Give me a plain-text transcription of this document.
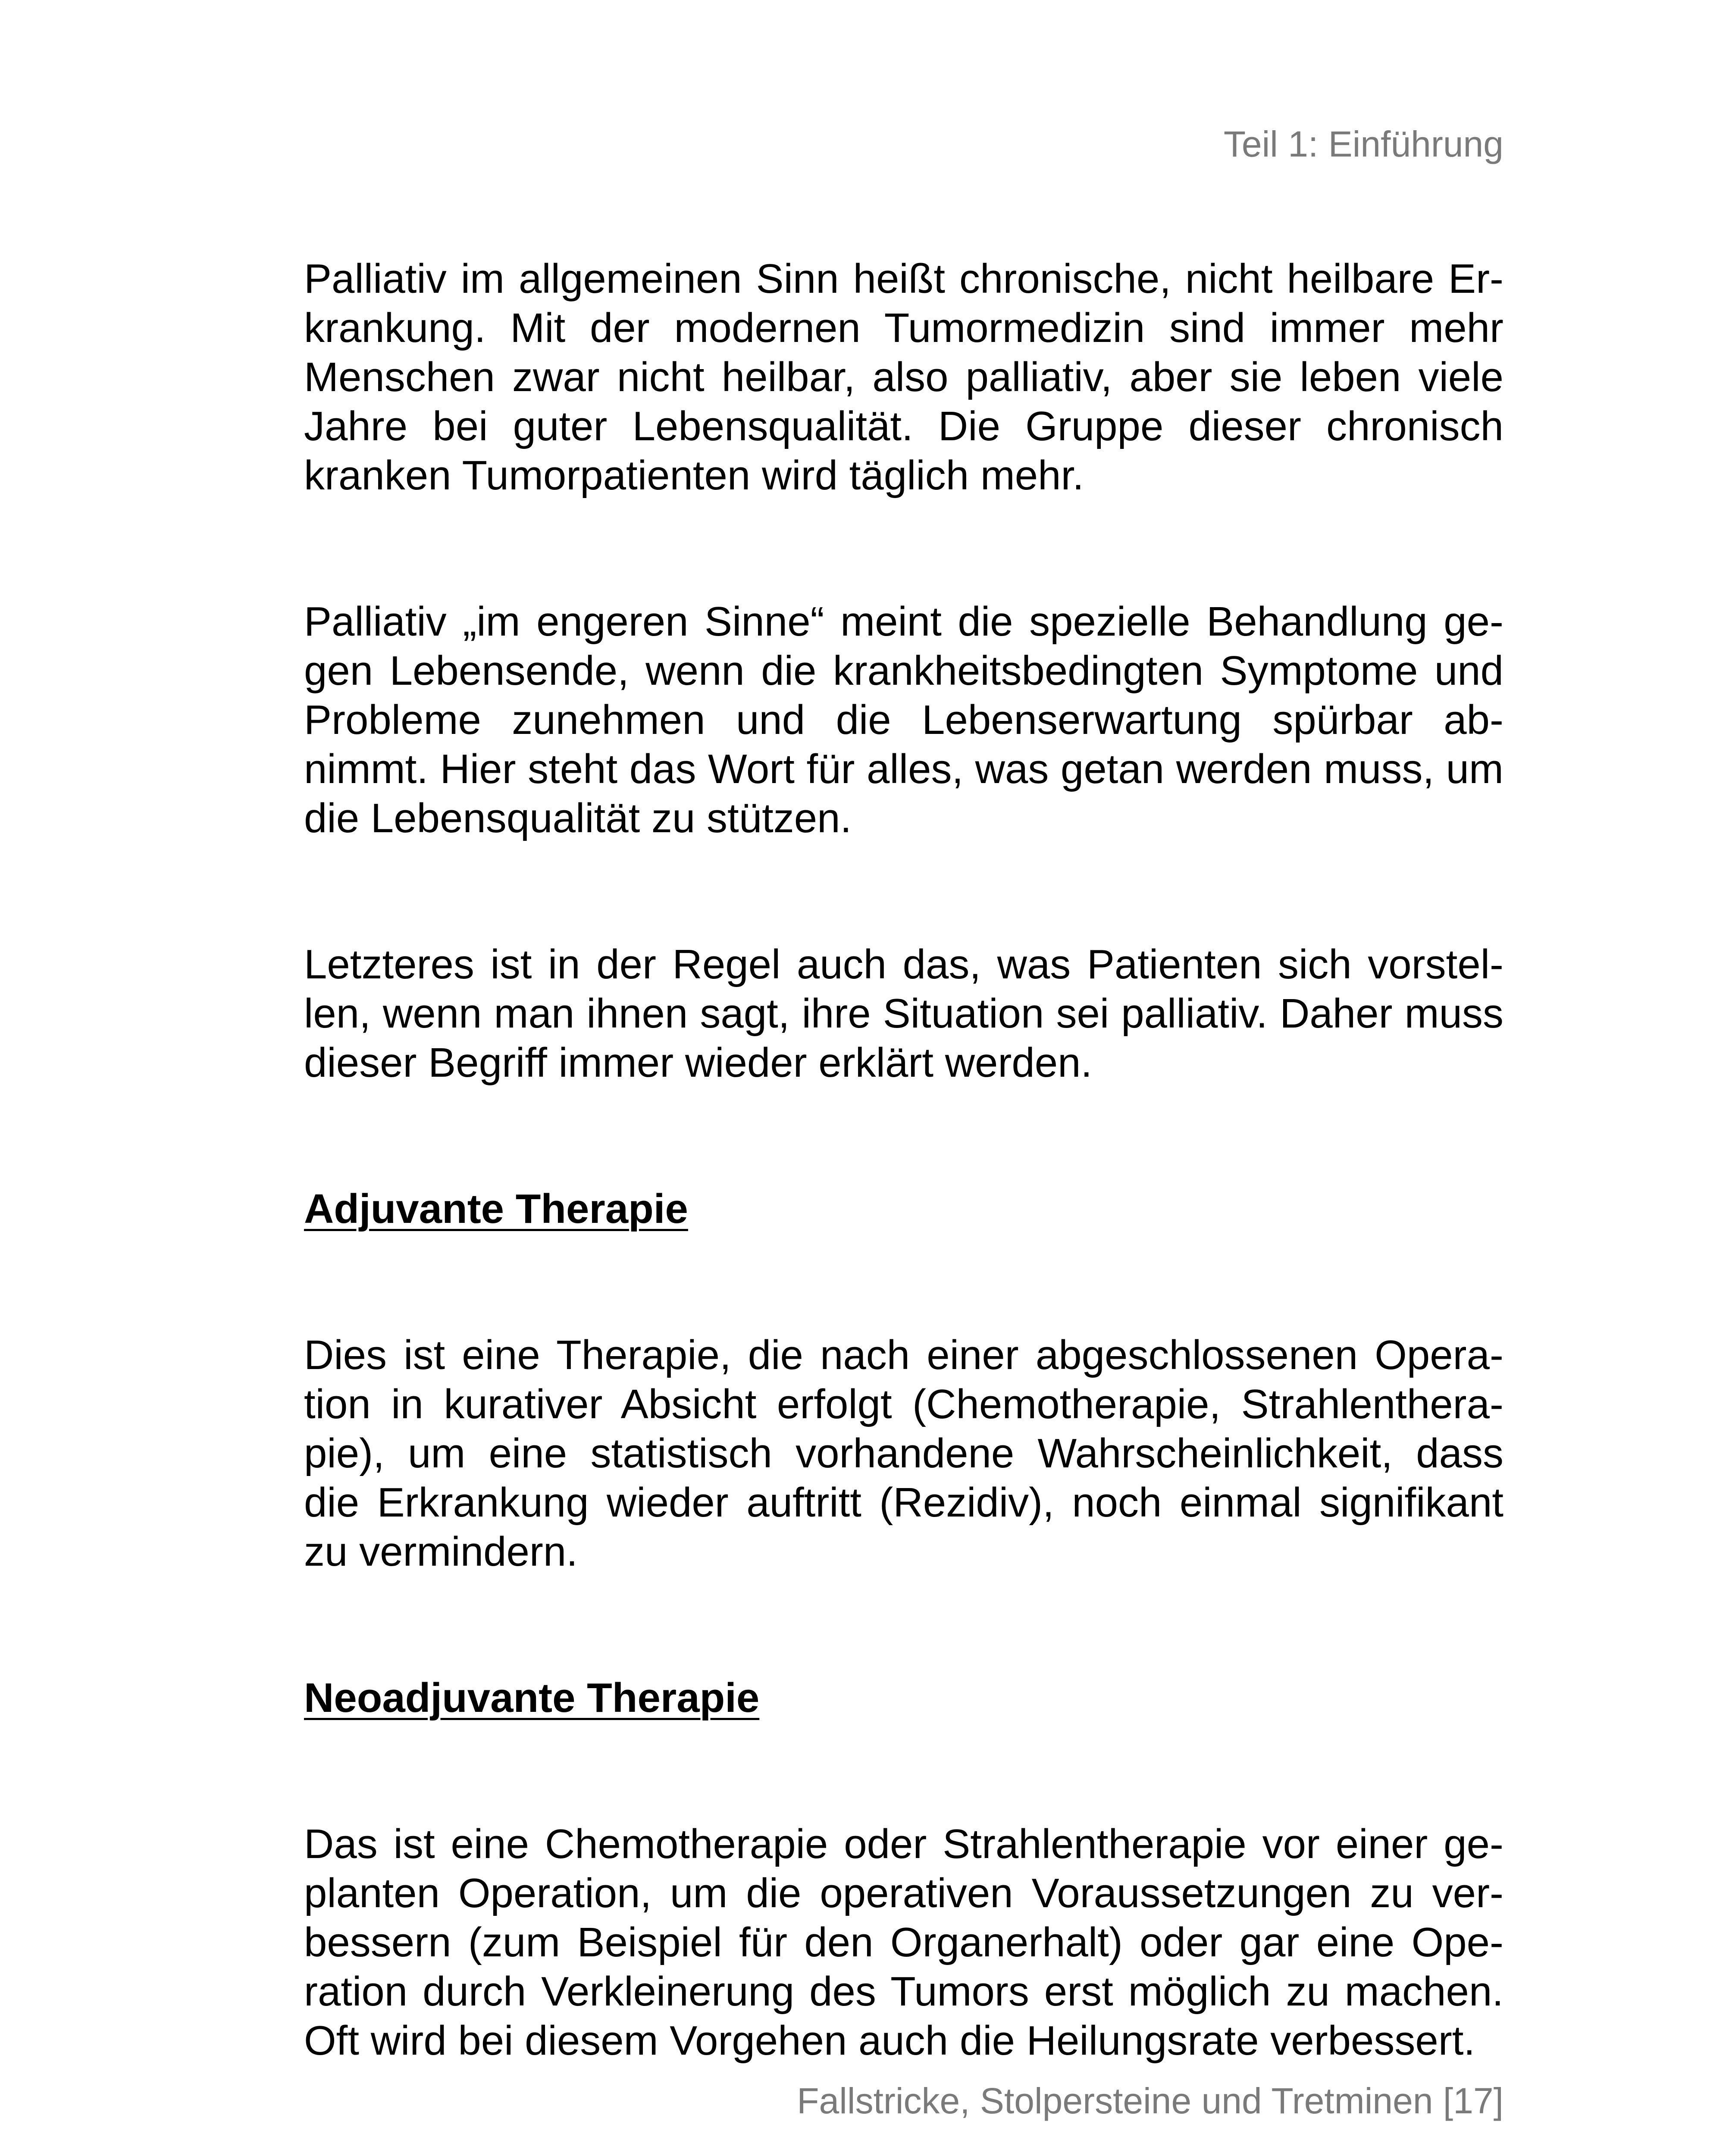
Teil 1: Einführung

Palliativ im allgemeinen Sinn heißt chronische, nicht heilbare Er-
krankung. Mit der modernen Tumormedizin sind immer mehr
Menschen zwar nicht heilbar, also palliativ, aber sie leben viele
Jahre bei guter Lebensqualität. Die Gruppe dieser chronisch
kranken Tumorpatienten wird täglich mehr.

Palliativ „im engeren Sinne“ meint die spezielle Behandlung ge-
gen Lebensende, wenn die krankheitsbedingten Symptome und
Probleme zunehmen und die Lebenserwartung spürbar ab-
nimmt. Hier steht das Wort für alles, was getan werden muss, um
die Lebensqualität zu stützen.

Letzteres ist in der Regel auch das, was Patienten sich vorstel-
len, wenn man ihnen sagt, ihre Situation sei palliativ. Daher muss
dieser Begriff immer wieder erklärt werden.

Adjuvante Therapie

Dies ist eine Therapie, die nach einer abgeschlossenen Opera-
tion in kurativer Absicht erfolgt (Chemotherapie, Strahlenthera-
pie), um eine statistisch vorhandene Wahrscheinlichkeit, dass
die Erkrankung wieder auftritt (Rezidiv), noch einmal signifikant
zu vermindern.

Neoadjuvante Therapie

Das ist eine Chemotherapie oder Strahlentherapie vor einer ge-
planten Operation, um die operativen Voraussetzungen zu ver-
bessern (zum Beispiel für den Organerhalt) oder gar eine Ope-
ration durch Verkleinerung des Tumors erst möglich zu machen.
Oft wird bei diesem Vorgehen auch die Heilungsrate verbessert.

Fallstricke, Stolpersteine und Tretminen [17]
